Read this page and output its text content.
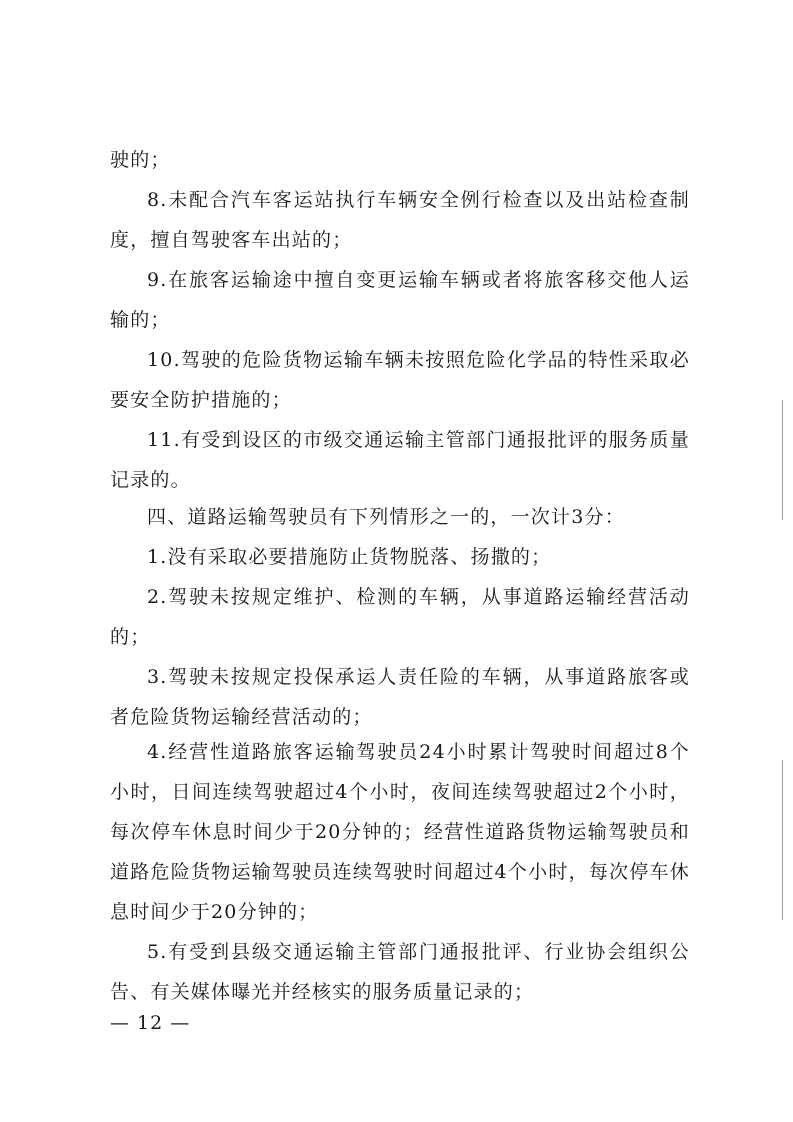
驶的；

8.未配合汽车客运站执行车辆安全例行检查以及出站检查制度，擅自驾驶客车出站的；

9.在旅客运输途中擅自变更运输车辆或者将旅客移交他人运输的；

10.驾驶的危险货物运输车辆未按照危险化学品的特性采取必要安全防护措施的；

11.有受到设区的市级交通运输主管部门通报批评的服务质量记录的。

四、道路运输驾驶员有下列情形之一的，一次计3分：

1.没有采取必要措施防止货物脱落、扬撒的；

2.驾驶未按规定维护、检测的车辆，从事道路运输经营活动的；

3.驾驶未按规定投保承运人责任险的车辆，从事道路旅客或者危险货物运输经营活动的；

4.经营性道路旅客运输驾驶员24小时累计驾驶时间超过8个小时，日间连续驾驶超过4个小时，夜间连续驾驶超过2个小时，每次停车休息时间少于20分钟的；经营性道路货物运输驾驶员和道路危险货物运输驾驶员连续驾驶时间超过4个小时，每次停车休息时间少于20分钟的；

5.有受到县级交通运输主管部门通报批评、行业协会组织公告、有关媒体曝光并经核实的服务质量记录的；

— 12 —
